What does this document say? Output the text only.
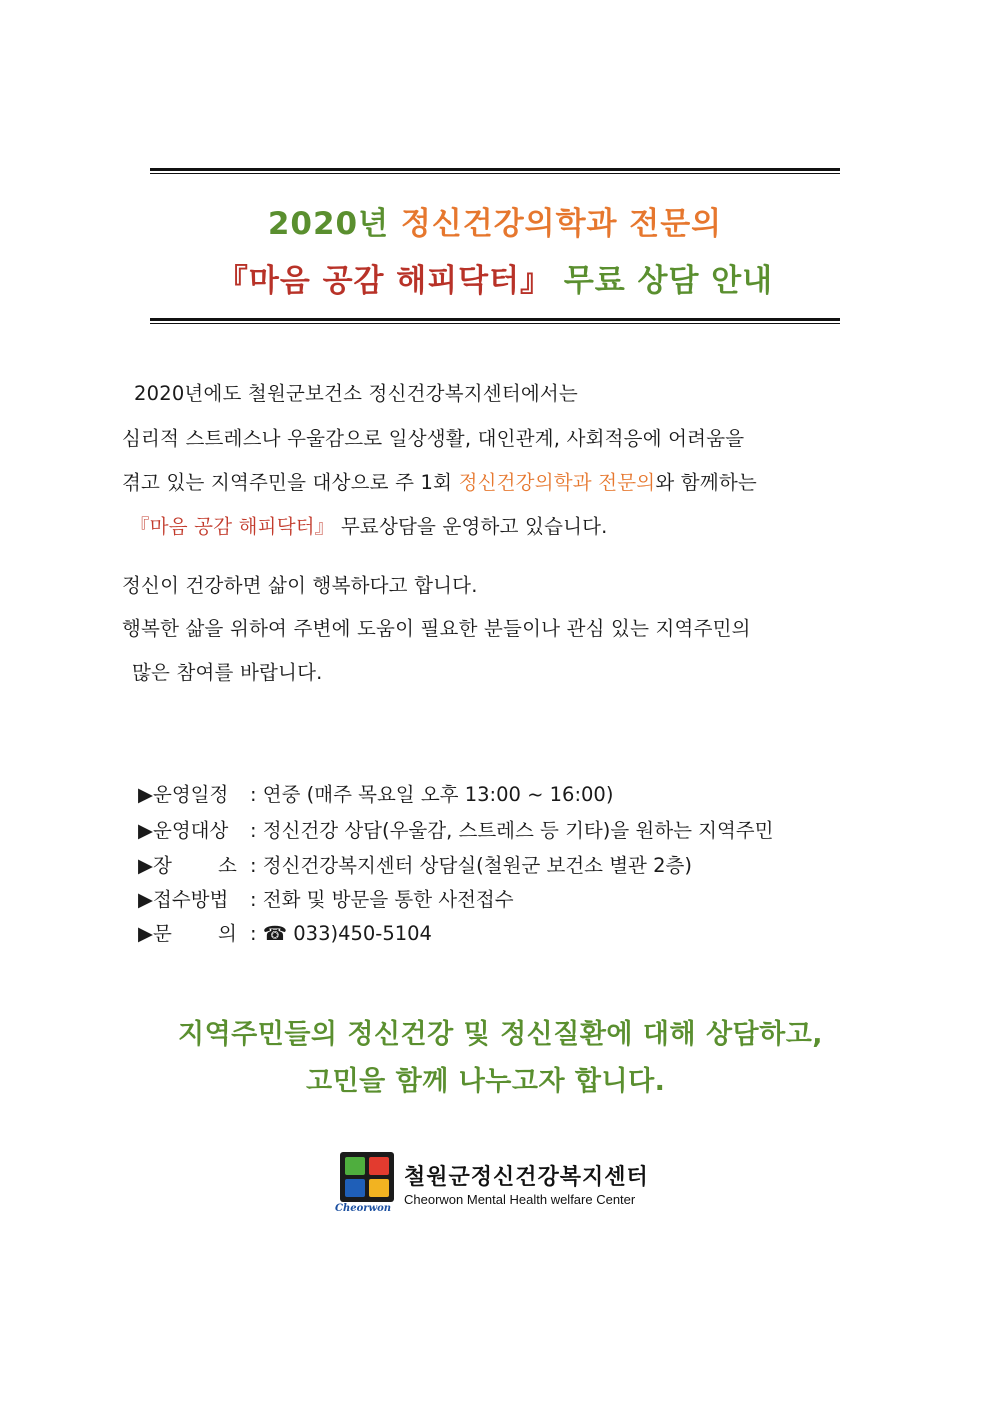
2020년 정신건강의학과 전문의
『마음 공감 해피닥터』 무료 상담 안내
2020년에도 철원군보건소 정신건강복지센터에서는
심리적 스트레스나 우울감으로 일상생활, 대인관계, 사회적응에 어려움을
겪고 있는 지역주민을 대상으로 주 1회 정신건강의학과 전문의와 함께하는
『마음 공감 해피닥터』 무료상담을 운영하고 있습니다.
정신이 건강하면 삶이 행복하다고 합니다.
행복한 삶을 위하여 주변에 도움이 필요한 분들이나 관심 있는 지역주민의
많은 참여를 바랍니다.
▶운영일정 : 연중 (매주 목요일 오후 13:00 ~ 16:00)
▶운영대상 : 정신건강 상담(우울감, 스트레스 등 기타)을 원하는 지역주민
▶장 소 : 정신건강복지센터 상담실(철원군 보건소 별관 2층)
▶접수방법 : 전화 및 방문을 통한 사전접수
▶문 의 : ☎ 033)450-5104
지역주민들의 정신건강 및 정신질환에 대해 상담하고,
고민을 함께 나누고자 합니다.
Cheorwon
철원군정신건강복지센터
Cheorwon Mental Health welfare Center
